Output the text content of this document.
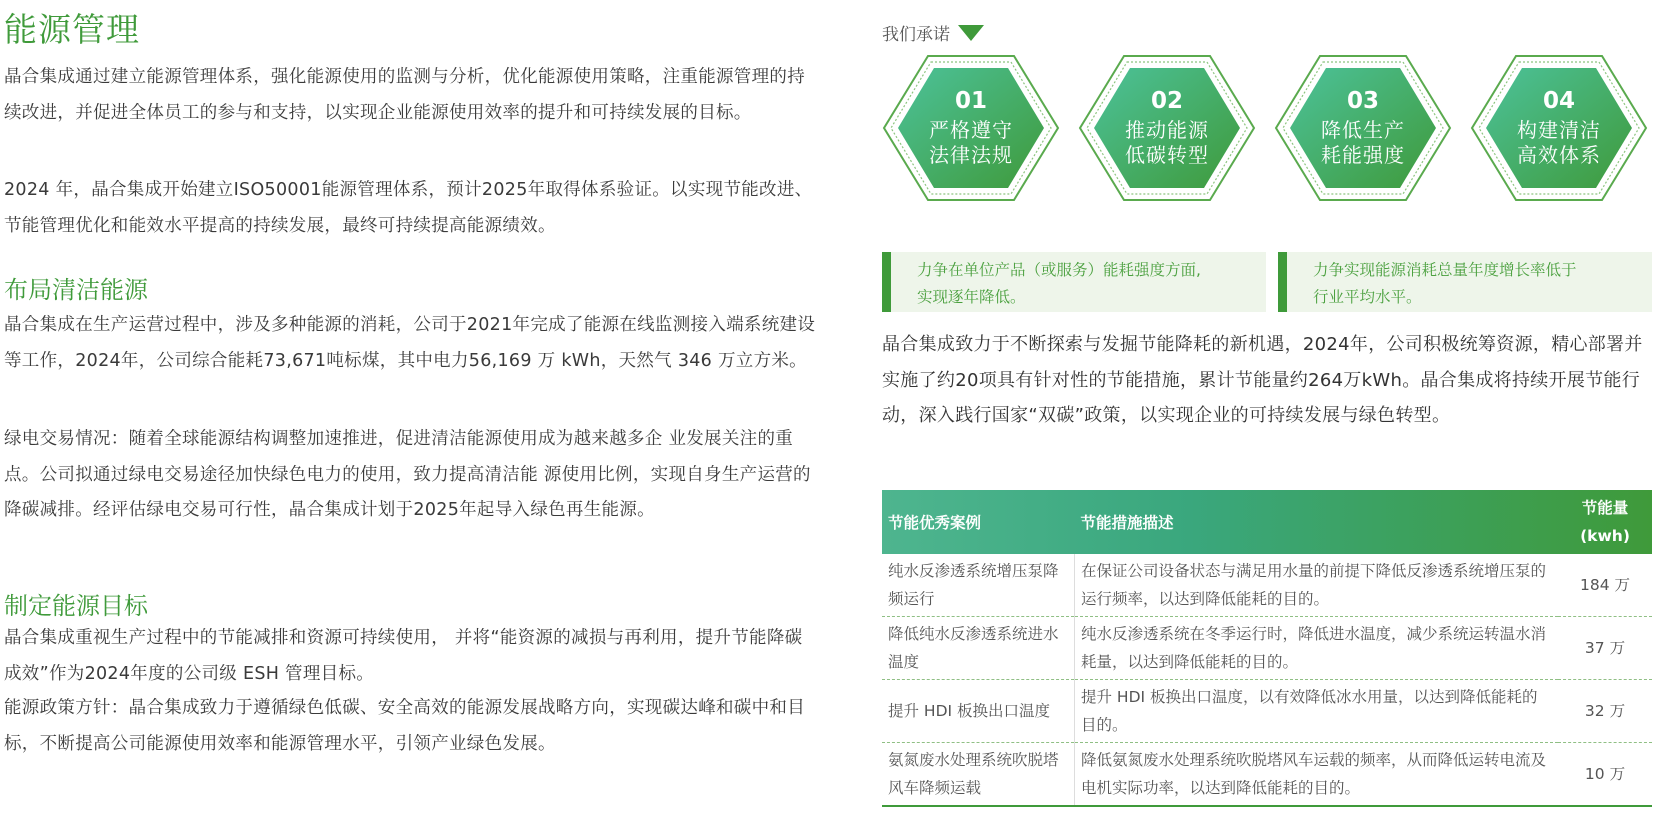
能源管理
晶合集成通过建立能源管理体系，强化能源使用的监测与分析，优化能源使用策略，注重能源管理的持续改进，并促进全体员工的参与和支持，以实现企业能源使用效率的提升和可持续发展的目标。
2024 年，晶合集成开始建立ISO50001能源管理体系，预计2025年取得体系验证。以实现节能改进、节能管理优化和能效水平提高的持续发展，最终可持续提高能源绩效。
布局清洁能源
晶合集成在生产运营过程中，涉及多种能源的消耗，公司于2021年完成了能源在线监测接入端系统建设等工作，2024年，公司综合能耗73,671吨标煤，其中电力56,169 万 kWh，天然气 346 万立方米。
绿电交易情况：随着全球能源结构调整加速推进，促进清洁能源使用成为越来越多企 业发展关注的重点。公司拟通过绿电交易途径加快绿色电力的使用，致力提高清洁能 源使用比例，实现自身生产运营的降碳减排。经评估绿电交易可行性，晶合集成计划于2025年起导入绿色再生能源。
制定能源目标
晶合集成重视生产过程中的节能减排和资源可持续使用， 并将“能资源的减损与再利用，提升节能降碳成效”作为2024年度的公司级 ESH 管理目标。
能源政策方针：晶合集成致力于遵循绿色低碳、安全高效的能源发展战略方向，实现碳达峰和碳中和目标，不断提高公司能源使用效率和能源管理水平，引领产业绿色发展。
我们承诺
01
严格遵守
法律法规
02
推动能源
低碳转型
03
降低生产
耗能强度
04
构建清洁
高效体系
力争在单位产品（或服务）能耗强度方面,
实现逐年降低。
力争实现能源消耗总量年度增长率低于
行业平均水平。
晶合集成致力于不断探索与发掘节能降耗的新机遇，2024年，公司积极统筹资源，精心部署并实施了约20项具有针对性的节能措施，累计节能量约264万kWh。晶合集成将持续开展节能行动，深入践行国家“双碳”政策，以实现企业的可持续发展与绿色转型。
节能优秀案例	节能措施描述	节能量
(kwh)

纯水反渗透系统增压泵降频运行	在保证公司设备状态与满足用水量的前提下降低反渗透系统增压泵的运行频率，以达到降低能耗的目的。	184 万
降低纯水反渗透系统进水温度	纯水反渗透系统在冬季运行时，降低进水温度，减少系统运转温水消耗量，以达到降低能耗的目的。	37 万
提升 HDI 板换出口温度	提升 HDI 板换出口温度，以有效降低冰水用量，以达到降低能耗的目的。	32 万
氨氮废水处理系统吹脱塔风车降频运载	降低氨氮废水处理系统吹脱塔风车运载的频率，从而降低运转电流及电机实际功率，以达到降低能耗的目的。	10 万
